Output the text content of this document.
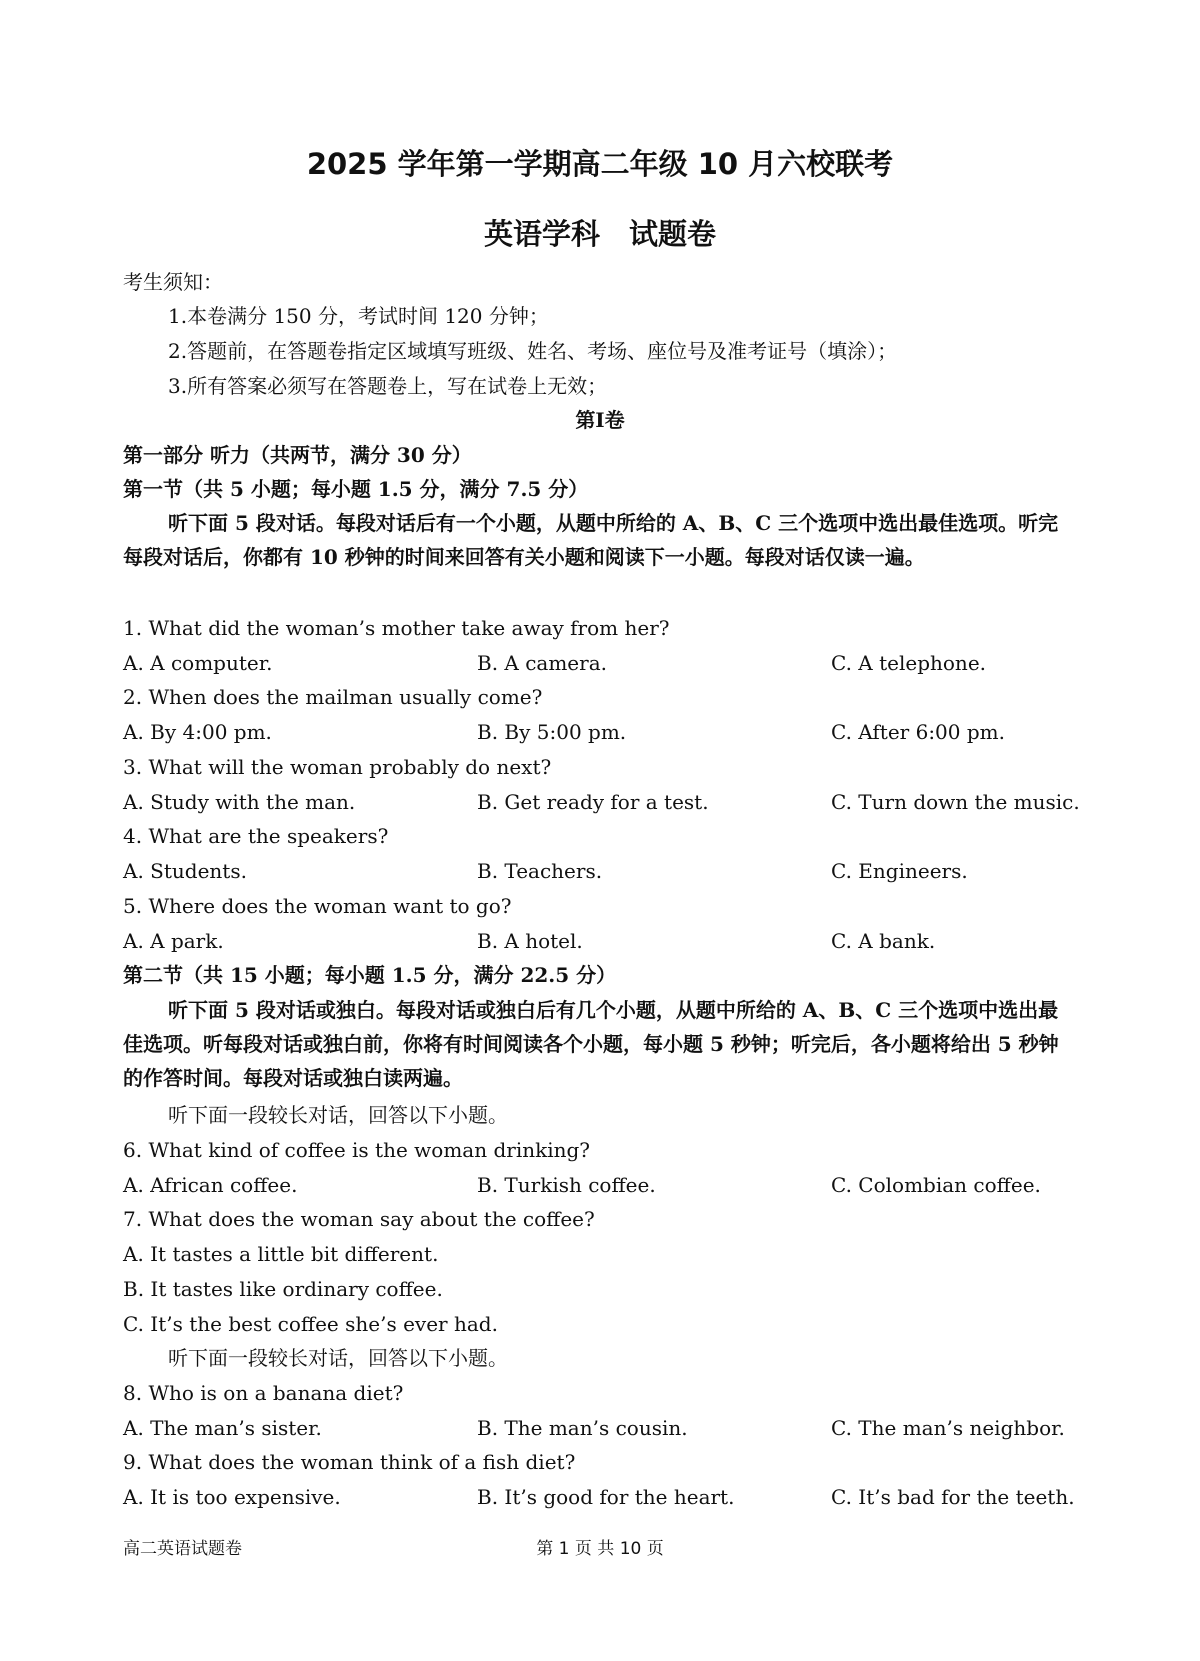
2025 学年第一学期高二年级 10 月六校联考
英语学科　试题卷
考生须知：
1.本卷满分 150 分，考试时间 120 分钟；
2.答题前，在答题卷指定区域填写班级、姓名、考场、座位号及准考证号（填涂）；
3.所有答案必须写在答题卷上，写在试卷上无效；
第I卷
第一部分 听力（共两节，满分 30 分）
第一节（共 5 小题；每小题 1.5 分，满分 7.5 分）
听下面 5 段对话。每段对话后有一个小题，从题中所给的 A、B、C 三个选项中选出最佳选项。听完每段对话后，你都有 10 秒钟的时间来回答有关小题和阅读下一小题。每段对话仅读一遍。
1. What did the woman’s mother take away from her?
A. A computer.	B. A camera.	C. A telephone.
2. When does the mailman usually come?
A. By 4:00 pm.	B. By 5:00 pm.	C. After 6:00 pm.
3. What will the woman probably do next?
A. Study with the man.	B. Get ready for a test.	C. Turn down the music.
4. What are the speakers?
A. Students.	B. Teachers.	C. Engineers.
5. Where does the woman want to go?
A. A park.	B. A hotel.	C. A bank.
第二节（共 15 小题；每小题 1.5 分，满分 22.5 分）
听下面 5 段对话或独白。每段对话或独白后有几个小题，从题中所给的 A、B、C 三个选项中选出最佳选项。听每段对话或独白前，你将有时间阅读各个小题，每小题 5 秒钟；听完后，各小题将给出 5 秒钟的作答时间。每段对话或独白读两遍。
听下面一段较长对话，回答以下小题。
6. What kind of coffee is the woman drinking?
A. African coffee.	B. Turkish coffee.	C. Colombian coffee.
7. What does the woman say about the coffee?
A. It tastes a little bit different.
B. It tastes like ordinary coffee.
C. It’s the best coffee she’s ever had.
听下面一段较长对话，回答以下小题。
8. Who is on a banana diet?
A. The man’s sister.	B. The man’s cousin.	C. The man’s neighbor.
9. What does the woman think of a fish diet?
A. It is too expensive.	B. It’s good for the heart.	C. It’s bad for the teeth.
高二英语试题卷	第 1 页 共 10 页
